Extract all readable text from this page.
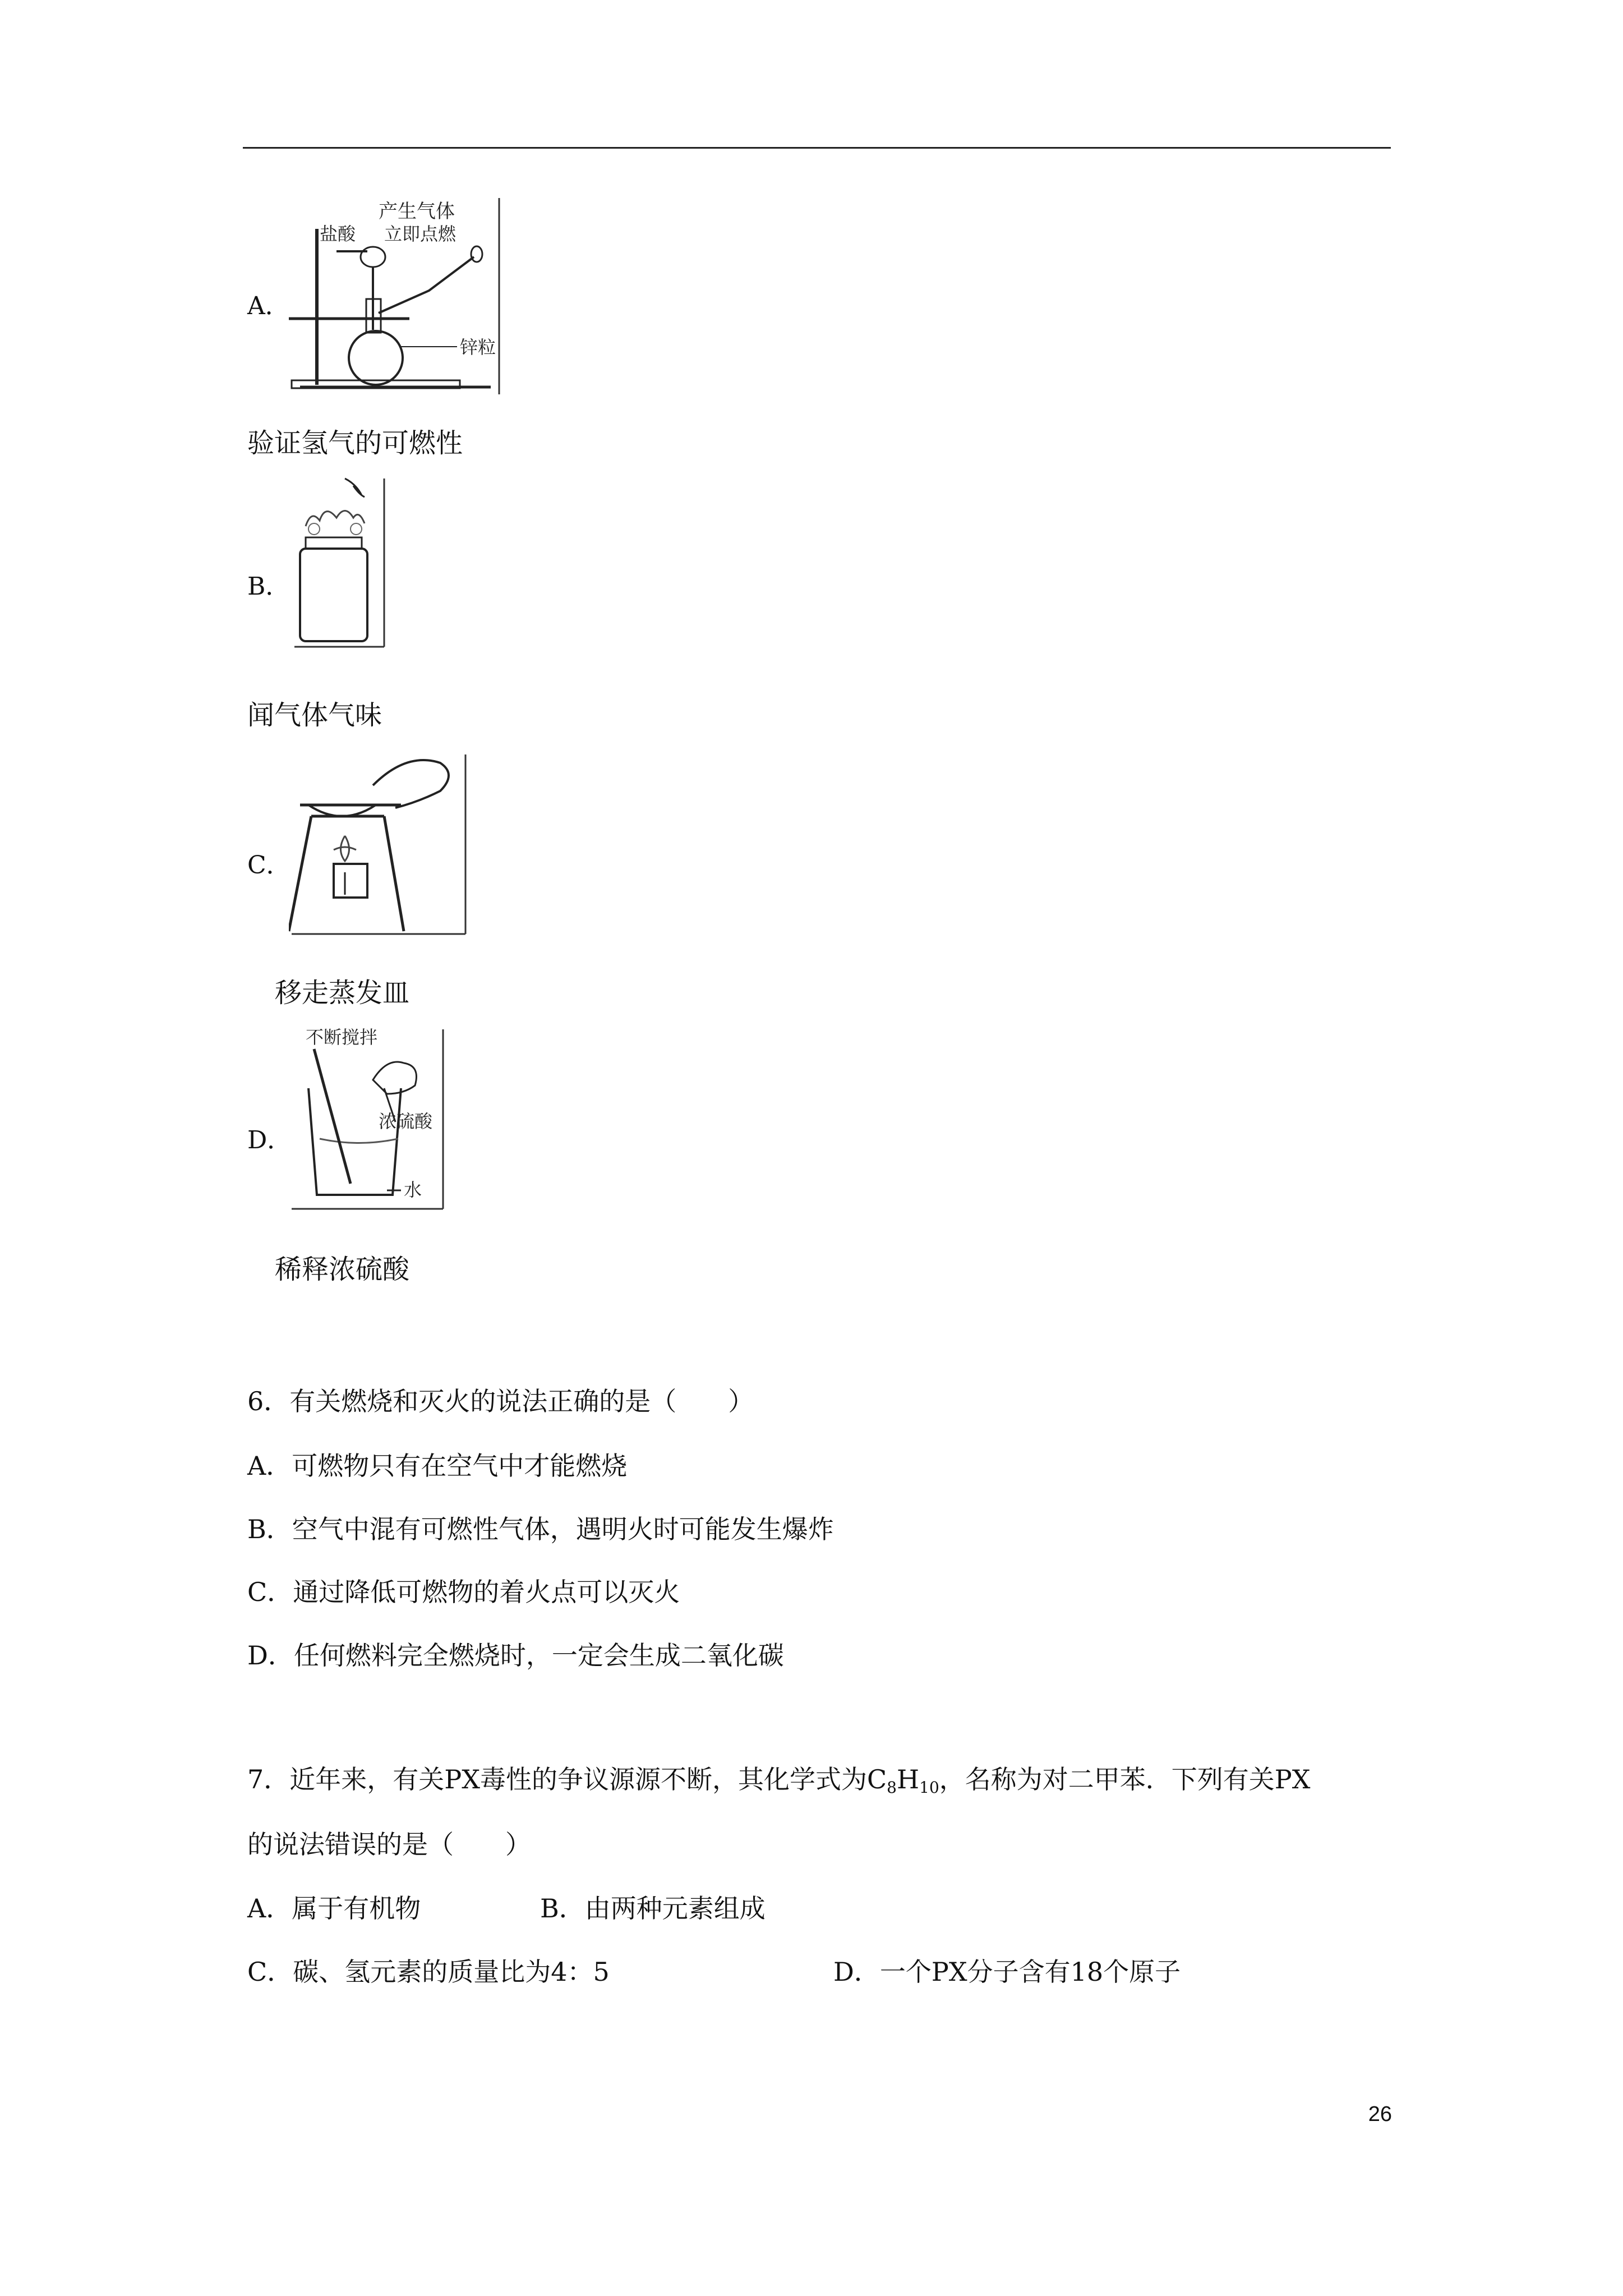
A．
产生气体
盐酸 立即点燃
锌粒
验证氢气的可燃性
B．
闻气体气味
C．
移走蒸发皿
D．
不断搅拌
浓硫酸
水
稀释浓硫酸
6．有关燃烧和灭火的说法正确的是（　　）
A．可燃物只有在空气中才能燃烧
B．空气中混有可燃性气体，遇明火时可能发生爆炸
C．通过降低可燃物的着火点可以灭火
D．任何燃料完全燃烧时，一定会生成二氧化碳
7．近年来，有关PX毒性的争议源源不断，其化学式为$C_8H_{10}$，名称为对二甲苯．下列有关PX
的说法错误的是（　　）
A．属于有机物	B．由两种元素组成
C．碳、氢元素的质量比为4：5	D．一个PX分子含有18个原子
26
